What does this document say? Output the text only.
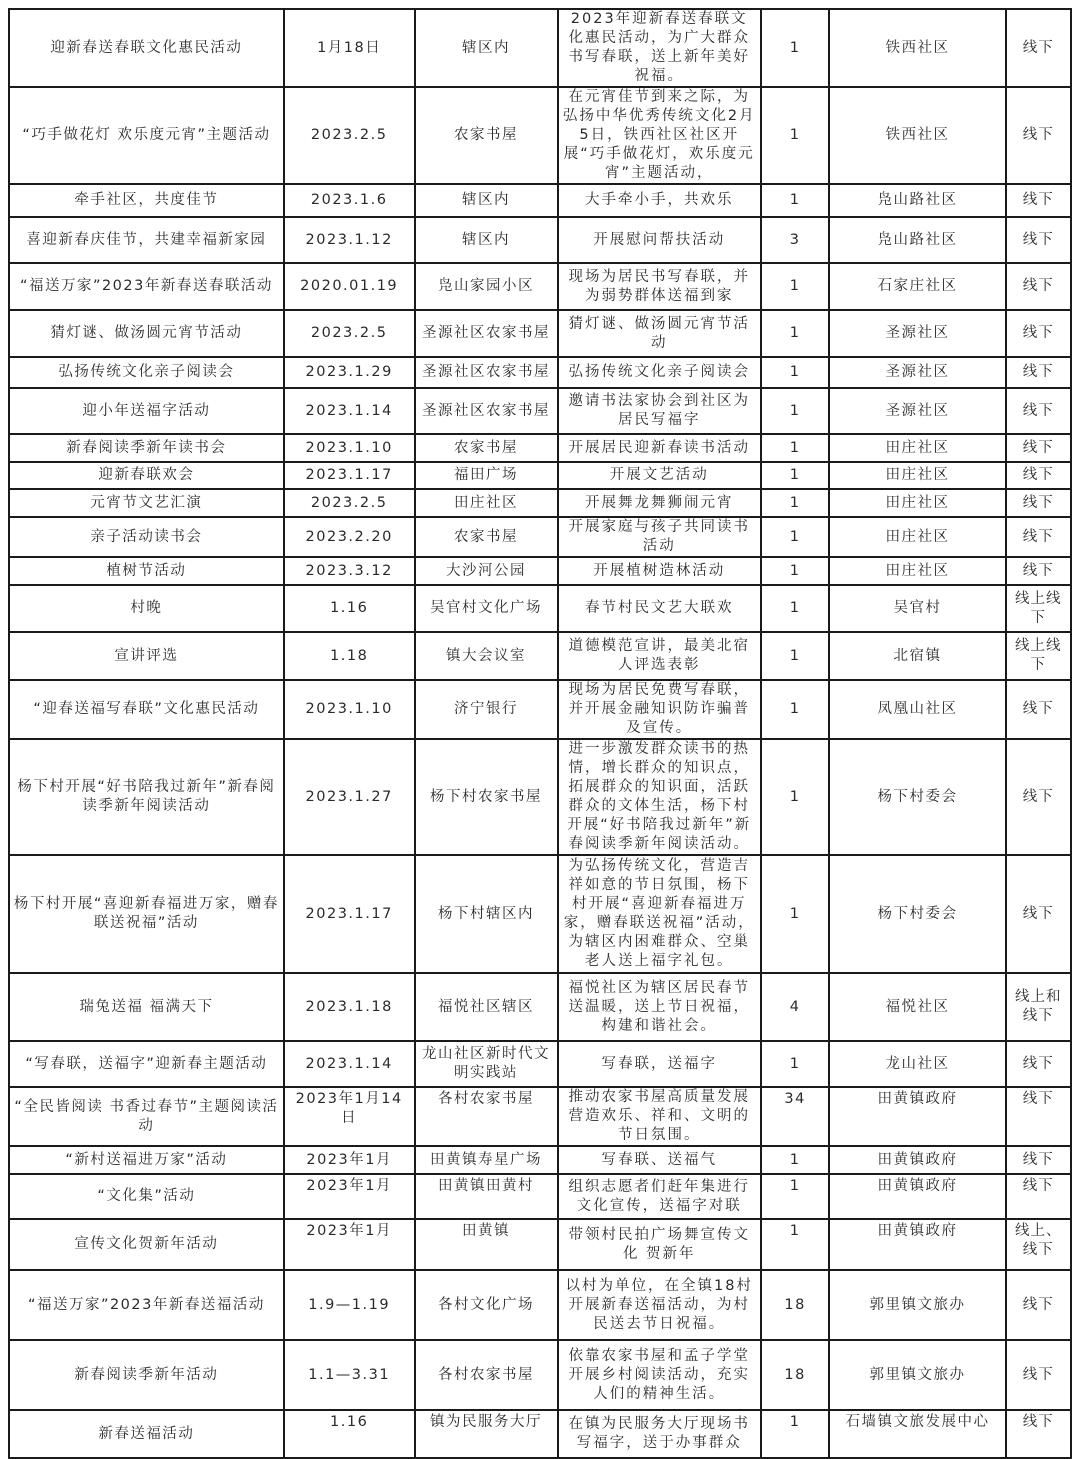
迎新春送春联文化惠民活动	1月18日	辖区内	2023年迎新春送春联文化惠民活动，为广大群众书写春联，送上新年美好祝福。	1	铁西社区	线下
“巧手做花灯 欢乐度元宵”主题活动	2023.2.5	农家书屋	在元宵佳节到来之际，为弘扬中华优秀传统文化2月5日，铁西社区社区开展“巧手做花灯，欢乐度元宵”主题活动，	1	铁西社区	线下
牵手社区，共度佳节	2023.1.6	辖区内	大手牵小手，共欢乐	1	凫山路社区	线下
喜迎新春庆佳节，共建幸福新家园	2023.1.12	辖区内	开展慰问帮扶活动	3	凫山路社区	线下
“福送万家”2023年新春送春联活动	2020.01.19	凫山家园小区	现场为居民书写春联，并为弱势群体送福到家	1	石家庄社区	线下
猜灯谜、做汤圆元宵节活动	2023.2.5	圣源社区农家书屋	猜灯谜、做汤圆元宵节活动	1	圣源社区	线下
弘扬传统文化亲子阅读会	2023.1.29	圣源社区农家书屋	弘扬传统文化亲子阅读会	1	圣源社区	线下
迎小年送福字活动	2023.1.14	圣源社区农家书屋	邀请书法家协会到社区为居民写福字	1	圣源社区	线下
新春阅读季新年读书会	2023.1.10	农家书屋	开展居民迎新春读书活动	1	田庄社区	线下
迎新春联欢会	2023.1.17	福田广场	开展文艺活动	1	田庄社区	线下
元宵节文艺汇演	2023.2.5	田庄社区	开展舞龙舞狮闹元宵	1	田庄社区	线下
亲子活动读书会	2023.2.20	农家书屋	开展家庭与孩子共同读书活动	1	田庄社区	线下
植树节活动	2023.3.12	大沙河公园	开展植树造林活动	1	田庄社区	线下
村晚	1.16	吴官村文化广场	春节村民文艺大联欢	1	吴官村	线上线下
宣讲评选	1.18	镇大会议室	道德模范宣讲，最美北宿人评选表彰	1	北宿镇	线上线下
“迎春送福写春联”文化惠民活动	2023.1.10	济宁银行	现场为居民免费写春联，并开展金融知识防诈骗普及宣传。	1	凤凰山社区	线下
杨下村开展“好书陪我过新年”新春阅读季新年阅读活动	2023.1.27	杨下村农家书屋	进一步激发群众读书的热情，增长群众的知识点，拓展群众的知识面，活跃群众的文体生活，杨下村开展“好书陪我过新年”新春阅读季新年阅读活动。	1	杨下村委会	线下
杨下村开展“喜迎新春福进万家，赠春联送祝福”活动	2023.1.17	杨下村辖区内	为弘扬传统文化，营造吉祥如意的节日氛围，杨下村开展“喜迎新春福进万家，赠春联送祝福”活动，为辖区内困难群众、空巢老人送上福字礼包。	1	杨下村委会	线下
瑞兔送福 福满天下	2023.1.18	福悦社区辖区	福悦社区为辖区居民春节送温暖，送上节日祝福，构建和谐社会。	4	福悦社区	线上和线下
“写春联，送福字”迎新春主题活动	2023.1.14	龙山社区新时代文明实践站	写春联，送福字	1	龙山社区	线下
“全民皆阅读 书香过春节”主题阅读活动	2023年1月14日	各村农家书屋	推动农家书屋高质量发展营造欢乐、祥和、文明的节日氛围。	34	田黄镇政府	线下
“新村送福进万家”活动	2023年1月	田黄镇寿星广场	写春联、送福气	1	田黄镇政府	线下
“文化集”活动	2023年1月	田黄镇田黄村	组织志愿者们赶年集进行文化宣传，送福字对联	1	田黄镇政府	线下
宣传文化贺新年活动	2023年1月	田黄镇	带领村民拍广场舞宣传文化 贺新年	1	田黄镇政府	线上、线下
“福送万家”2023年新春送福活动	1.9—1.19	各村文化广场	以村为单位，在全镇18村开展新春送福活动，为村民送去节日祝福。	18	郭里镇文旅办	线下
新春阅读季新年活动	1.1—3.31	各村农家书屋	依靠农家书屋和孟子学堂开展乡村阅读活动，充实人们的精神生活。	18	郭里镇文旅办	线下
新春送福活动	1.16	镇为民服务大厅	在镇为民服务大厅现场书写福字，送于办事群众	1	石墙镇文旅发展中心	线下
